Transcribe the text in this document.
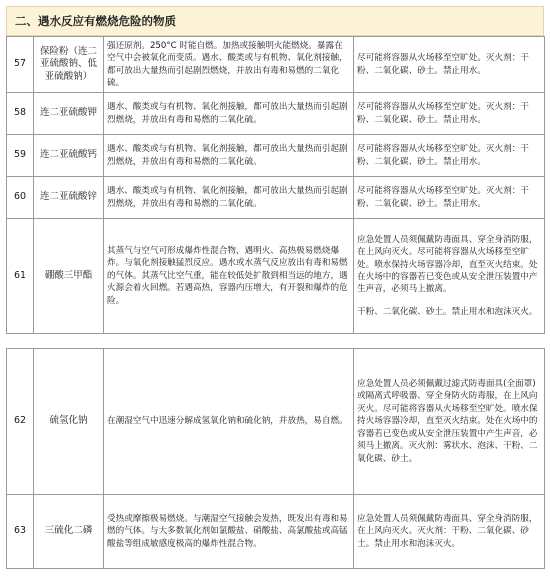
二、遇水反应有燃烧危险的物质
57	保险粉（连二亚硫酸钠、低亚硫酸钠）	强还原剂。250°C 时能自燃。加热或接触明火能燃烧。暴露在空气中会被氧化而变质。遇水、酸类或与有机物、氧化剂接触，都可放出大量热而引起剧烈燃烧，并放出有毒和易燃的二氧化硫。	尽可能将容器从火场移至空旷处。灭火剂：干粉、二氧化碳、砂土。禁止用水。
58	连二亚硫酸钾	遇水、酸类或与有机物、氧化剂接触，都可放出大量热而引起剧烈燃烧，并放出有毒和易燃的二氧化硫。	尽可能将容器从火场移至空旷处。灭火剂：干粉、二氧化碳、砂土。禁止用水。
59	连二亚硫酸钙	遇水、酸类或与有机物、氧化剂接触，都可放出大量热而引起剧烈燃烧，并放出有毒和易燃的二氧化硫。	尽可能将容器从火场移至空旷处。灭火剂：干粉、二氧化碳、砂土。禁止用水。
60	连二亚硫酸锌	遇水、酸类或与有机物、氧化剂接触，都可放出大量热而引起剧烈燃烧，并放出有毒和易燃的二氧化硫。	尽可能将容器从火场移至空旷处。灭火剂：干粉、二氧化碳、砂土。禁止用水。
61	硼酸三甲酯	其蒸气与空气可形成爆炸性混合物，遇明火、高热极易燃烧爆炸。与氧化剂接触猛烈反应。遇水或水蒸气反应放出有毒和易燃的气体。其蒸气比空气重，能在较低处扩散到相当远的地方，遇火源会着火回燃。若遇高热，容器内压增大，有开裂和爆炸的危险。	应急处置人员须佩戴防毒面具、穿全身消防服，在上风向灭火。尽可能将容器从火场移至空旷处。喷水保持火场容器冷却，直至灭火结束。处在火场中的容器若已变色或从安全泄压装置中产生声音，必须马上撤离。
干粉、二氧化碳、砂土。禁止用水和泡沫灭火。
62	硫氢化钠	在潮湿空气中迅速分解成氢氧化钠和硫化钠，并放热，易自燃。	应急处置人员必须佩戴过滤式防毒面具(全面罩)或隔离式呼吸器、穿全身防火防毒服，在上风向灭火。尽可能将容器从火场移至空旷处。喷水保持火场容器冷却，直至灭火结束。处在火场中的容器若已变色或从安全泄压装置中产生声音，必须马上撤离。灭火剂：雾状水、泡沫、干粉、二氧化碳、砂土。
63	三硫化二磷	受热或摩擦极易燃烧。与潮湿空气接触会发热，既发出有毒和易燃的气体。与大多数氧化剂如氯酸盐、硝酸盐、高氯酸盐或高锰酸盐等组成敏感度极高的爆炸性混合物。	应急处置人员须佩戴防毒面具、穿全身消防服，在上风向灭火。灭火剂：干粉、二氧化碳、砂土。禁止用水和泡沫灭火。
